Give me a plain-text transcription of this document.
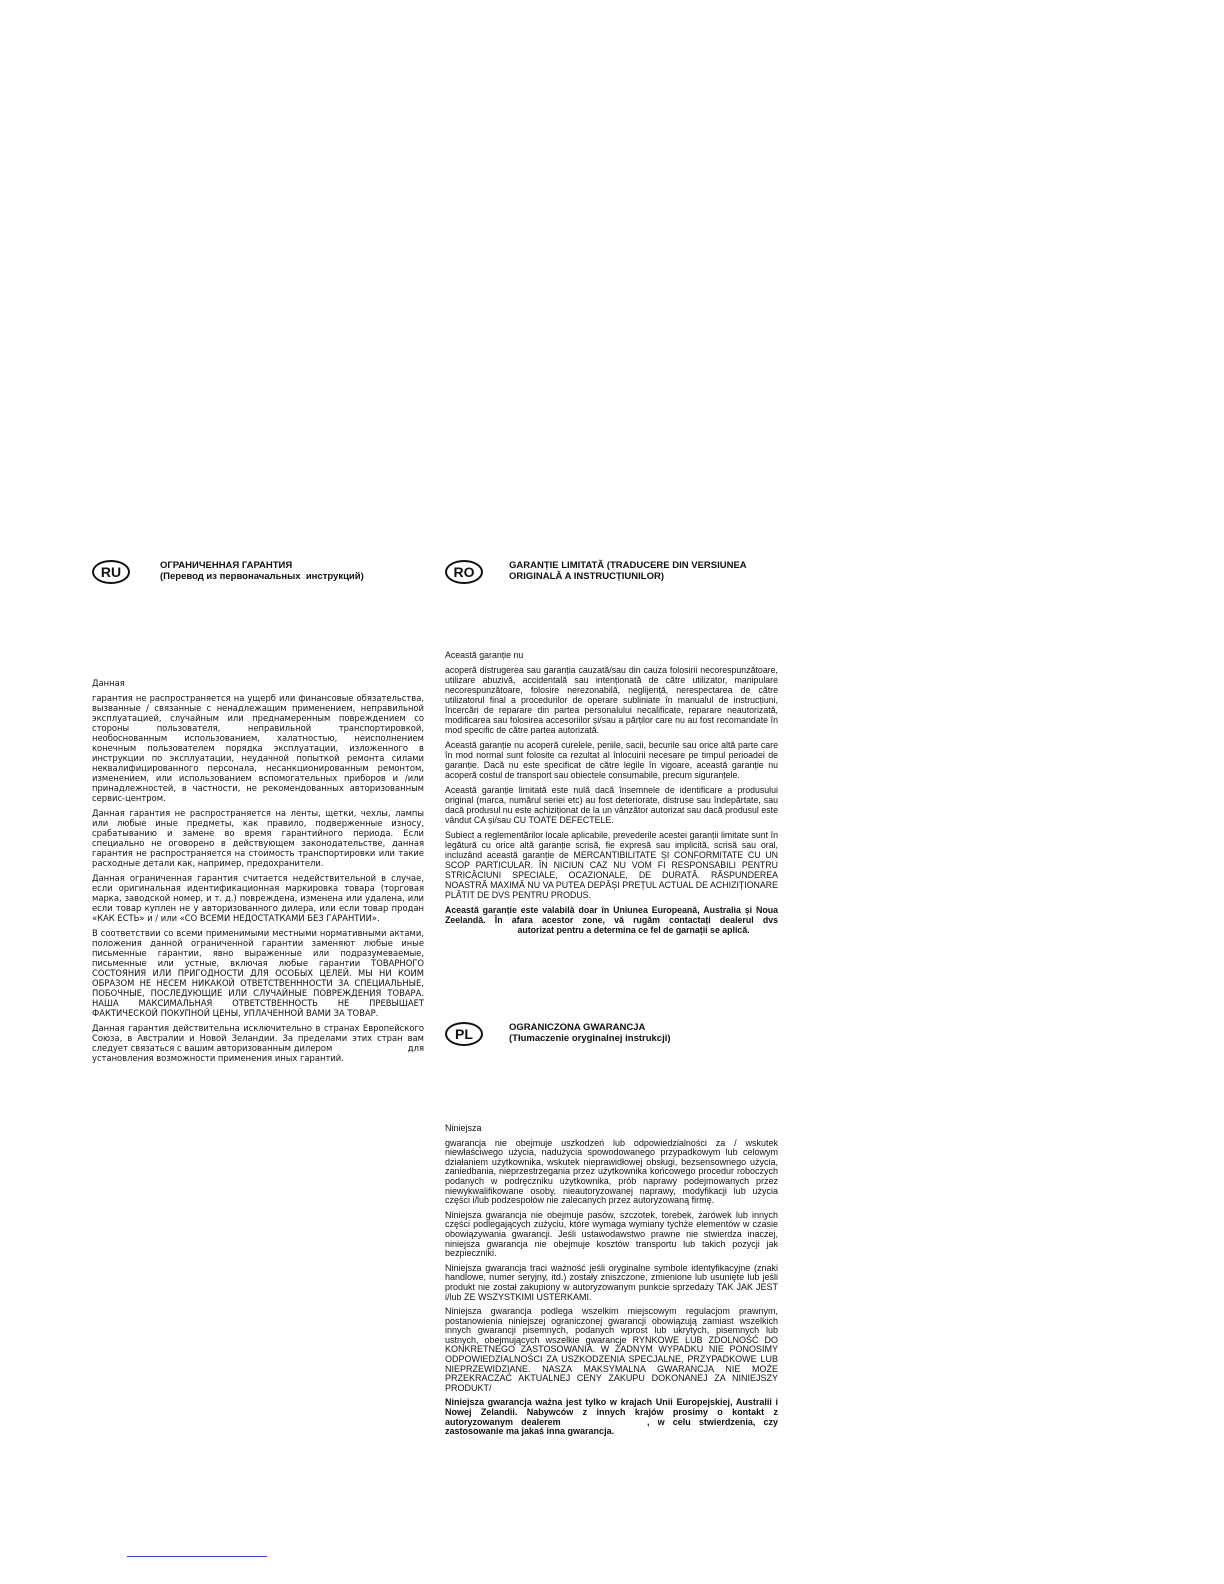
RU	ОГРАНИЧЕННАЯ ГАРАНТИЯ
(Перевод из первоначальных  инструкций)

Данная

гарантия не распространяется на ущерб или финансовые обязательства, вызванные / связанные с ненадлежащим применением, неправильной эксплуатацией, случайным или преднамеренным повреждением со стороны пользователя, неправильной транспортировкой, необоснованным использованием, халатностью, неисполнением конечным пользователем порядка эксплуатации, изложенного в инструкции по эксплуатации, неудачной попыткой ремонта силами неквалифицированного персонала, несанкционированным ремонтом, изменением, или использованием вспомогательных приборов и /или принадлежностей, в частности, не рекомендованных авторизованным сервис-центром.

Данная гарантия не распространяется на ленты, щетки, чехлы, лампы или любые иные предметы, как правило, подверженные износу, срабатыванию и замене во время гарантийного периода. Если специально не оговорено в действующем законодательстве, данная гарантия не распространяется на стоимость транспортировки или такие расходные детали как, например, предохранители.

Данная ограниченная гарантия считается недействительной в случае, если оригинальная идентификационная маркировка товара (торговая марка, заводской номер, и т. д.) повреждена, изменена или удалена, или если товар куплен не у авторизованного дилера, или если товар продан «КАК ЕСТЬ» и / или «СО ВСЕМИ НЕДОСТАТКАМИ БЕЗ ГАРАНТИИ».

В соответствии со всеми применимыми местными нормативными актами, положения данной ограниченной гарантии заменяют любые иные письменные гарантии, явно выраженные или подразумеваемые, письменные или устные, включая любые гарантии ТОВАРНОГО СОСТОЯНИЯ ИЛИ ПРИГОДНОСТИ ДЛЯ ОСОБЫХ ЦЕЛЕЙ. МЫ НИ КОИМ ОБРАЗОМ НЕ НЕСЕМ НИКАКОЙ ОТВЕТСТВЕНННОСТИ ЗА СПЕЦИАЛЬНЫЕ, ПОБОЧНЫЕ, ПОСЛЕДУЮЩИЕ ИЛИ СЛУЧАЙНЫЕ ПОВРЕЖДЕНИЯ ТОВАРА. НАША МАКСИМАЛЬНАЯ ОТВЕТСТВЕННОСТЬ НЕ ПРЕВЫШАЕТ ФАКТИЧЕСКОЙ ПОКУПНОЙ ЦЕНЫ, УПЛАЧЕННОЙ ВАМИ ЗА ТОВАР.

Данная гарантия действительна исключительно в странах Европейского Союза, в Австралии и Новой Зеландии. За пределами этих стран вам следует связаться с вашим авторизованным дилером	для установления возможности применения иных гарантий.

RO	GARANȚIE LIMITATĂ (TRADUCERE DIN VERSIUNEA
ORIGINALĂ A INSTRUCȚIUNILOR)

Această garanție nu

acoperă distrugerea sau garanția cauzată/sau din cauza folosirii necorespunzătoare, utilizare abuzivă, accidentală sau intenționată de către utilizator, manipulare necorespunzătoare, folosire nerezonabilă, neglijență, nerespectarea de către utilizatorul final a procedurilor de operare subliniate în manualul de instrucțiuni, încercări de reparare din partea personalului necalificate, reparare neautorizată, modificarea sau folosirea accesoriilor și/sau a părților care nu au fost recomandate în mod specific de către partea autorizată.

Această garanție nu acoperă curelele, periile, sacii, becurile sau orice altă parte care în mod normal sunt folosite ca rezultat al înlocuirii necesare pe timpul perioadei de garanție. Dacă nu este specificat de către legile în vigoare, această garanție nu acoperă costul de transport sau obiectele consumabile, precum siguranțele.

Această garanție limitată este nulă dacă însemnele de identificare a produsului original (marca, numărul seriei etc) au fost deteriorate, distruse sau îndepărtate, sau dacă produsul nu este achiziționat de la un vânzător autorizat sau dacă produsul este vândut CA și/sau CU TOATE DEFECTELE.

Subiect a reglementărilor locale aplicabile, prevederile acestei garanții limitate sunt în legătură cu orice altă garanție scrisă, fie expresă sau implicită, scrisă sau oral, incluzând această garanție de MERCANTIBILITATE ȘI CONFORMITATE CU UN SCOP PARTICULAR. ÎN NICIUN CAZ NU VOM FI RESPONSABILI PENTRU STRICĂCIUNI SPECIALE, OCAZIONALE, DE DURATĂ. RĂSPUNDEREA NOASTRĂ MAXIMĂ NU VA PUTEA DEPĂȘI PREȚUL ACTUAL DE ACHIZIȚIONARE PLĂTIT DE DVS PENTRU PRODUS.

Această garanție este valabilă doar în Uniunea Europeană, Australia și Noua Zeelandă. În afara acestor zone, vă rugăm contactați dealerul dvs  autorizat pentru a determina ce fel de garnații se aplică.

PL	OGRANICZONA GWARANCJA
(Tłumaczenie oryginalnej instrukcji)

Niniejsza

gwarancja nie obejmuje uszkodzeń lub odpowiedzialności za / wskutek niewłaściwego użycia, nadużycia spowodowanego przypadkowym lub celowym działaniem użytkownika, wskutek nieprawidłowej obsługi, bezsensownego użycia, zaniedbania, nieprzestrzegania przez użytkownika końcowego procedur roboczych podanych w podręczniku użytkownika, prób naprawy podejmowanych przez niewykwalifikowane osoby, nieautoryzowanej naprawy, modyfikacji lub użycia części i/lub podzespołów nie zalecanych przez autoryzowaną firmę.

Niniejsza gwarancja nie obejmuje pasów, szczotek, torebek, żarówek lub innych części podlegających zużyciu, które wymaga wymiany tychże elementów w czasie obowiązywania gwarancji. Jeśli ustawodawstwo prawne nie stwierdza inaczej, niniejsza gwarancja nie obejmuje kosztów transportu lub takich pozycji jak bezpieczniki.

Niniejsza gwarancja traci ważność jeśli oryginalne symbole identyfikacyjne (znaki handlowe, numer seryjny, itd.) zostały zniszczone, zmienione lub usunięte lub jeśli produkt nie został zakupiony w autoryzowanym punkcie sprzedaży TAK JAK JEST i/lub ZE WSZYSTKIMI USTERKAMI.

Niniejsza gwarancja podlega wszelkim miejscowym regulacjom prawnym, postanowienia niniejszej ograniczonej gwarancji obowiązują zamiast wszelkich innych gwarancji pisemnych, podanych wprost lub ukrytych, pisemnych lub ustnych, obejmujących wszelkie gwarancje RYNKOWE LUB ZDOLNOŚĆ DO KONKRETNEGO ZASTOSOWANIA. W ŻADNYM WYPADKU NIE PONOSIMY ODPOWIEDZIALNOŚCI ZA USZKODZENIA SPECJALNE, PRZYPADKOWE LUB NIEPRZEWIDZIANE. NASZA MAKSYMALNA GWARANCJA NIE MOŻE PRZEKRACZAĆ AKTUALNEJ CENY ZAKUPU DOKONANEJ ZA NINIEJSZY PRODUKT/

Niniejsza gwarancja ważna jest tylko w krajach Unii Europejskiej, Australii i Nowej Zelandii. Nabywców z innych krajów prosimy o kontakt z autoryzowanym dealerem	, w celu stwierdzenia, czy zastosowanie ma jakaś inna gwarancja.
